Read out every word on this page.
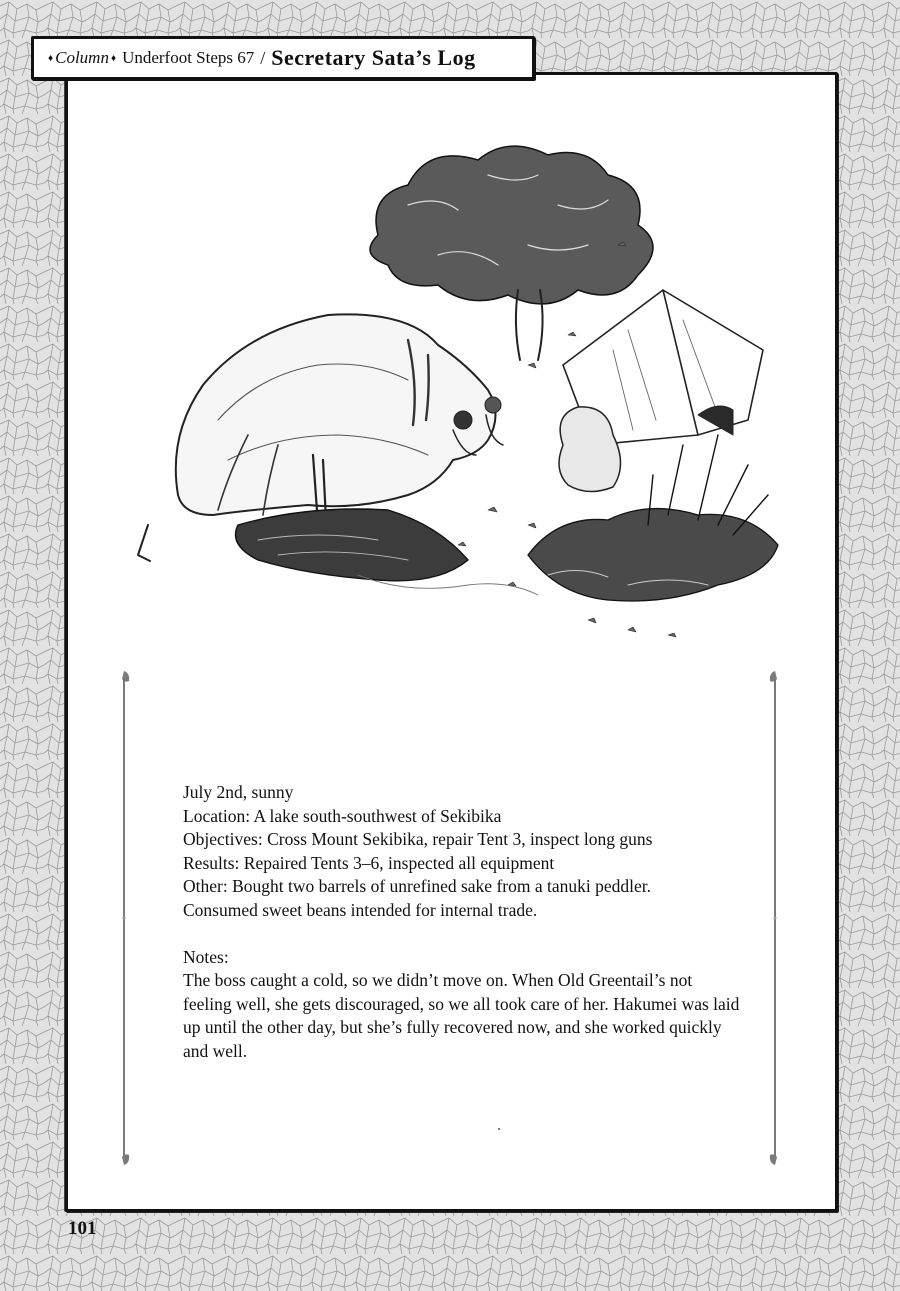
♦ Column ♦ Underfoot Steps 67 / Secretary Sata’s Log
July 2nd, sunny
Location: A lake south-southwest of Sekibika
Objectives: Cross Mount Sekibika, repair Tent 3, inspect long guns
Results: Repaired Tents 3–6, inspected all equipment
Other: Bought two barrels of unrefined sake from a tanuki peddler.
Consumed sweet beans intended for internal trade.
Notes:
The boss caught a cold, so we didn’t move on. When Old Greentail’s not feeling well, she gets discouraged, so we all took care of her. Hakumei was laid up until the other day, but she’s fully recovered now, and she worked quickly and well.
101
